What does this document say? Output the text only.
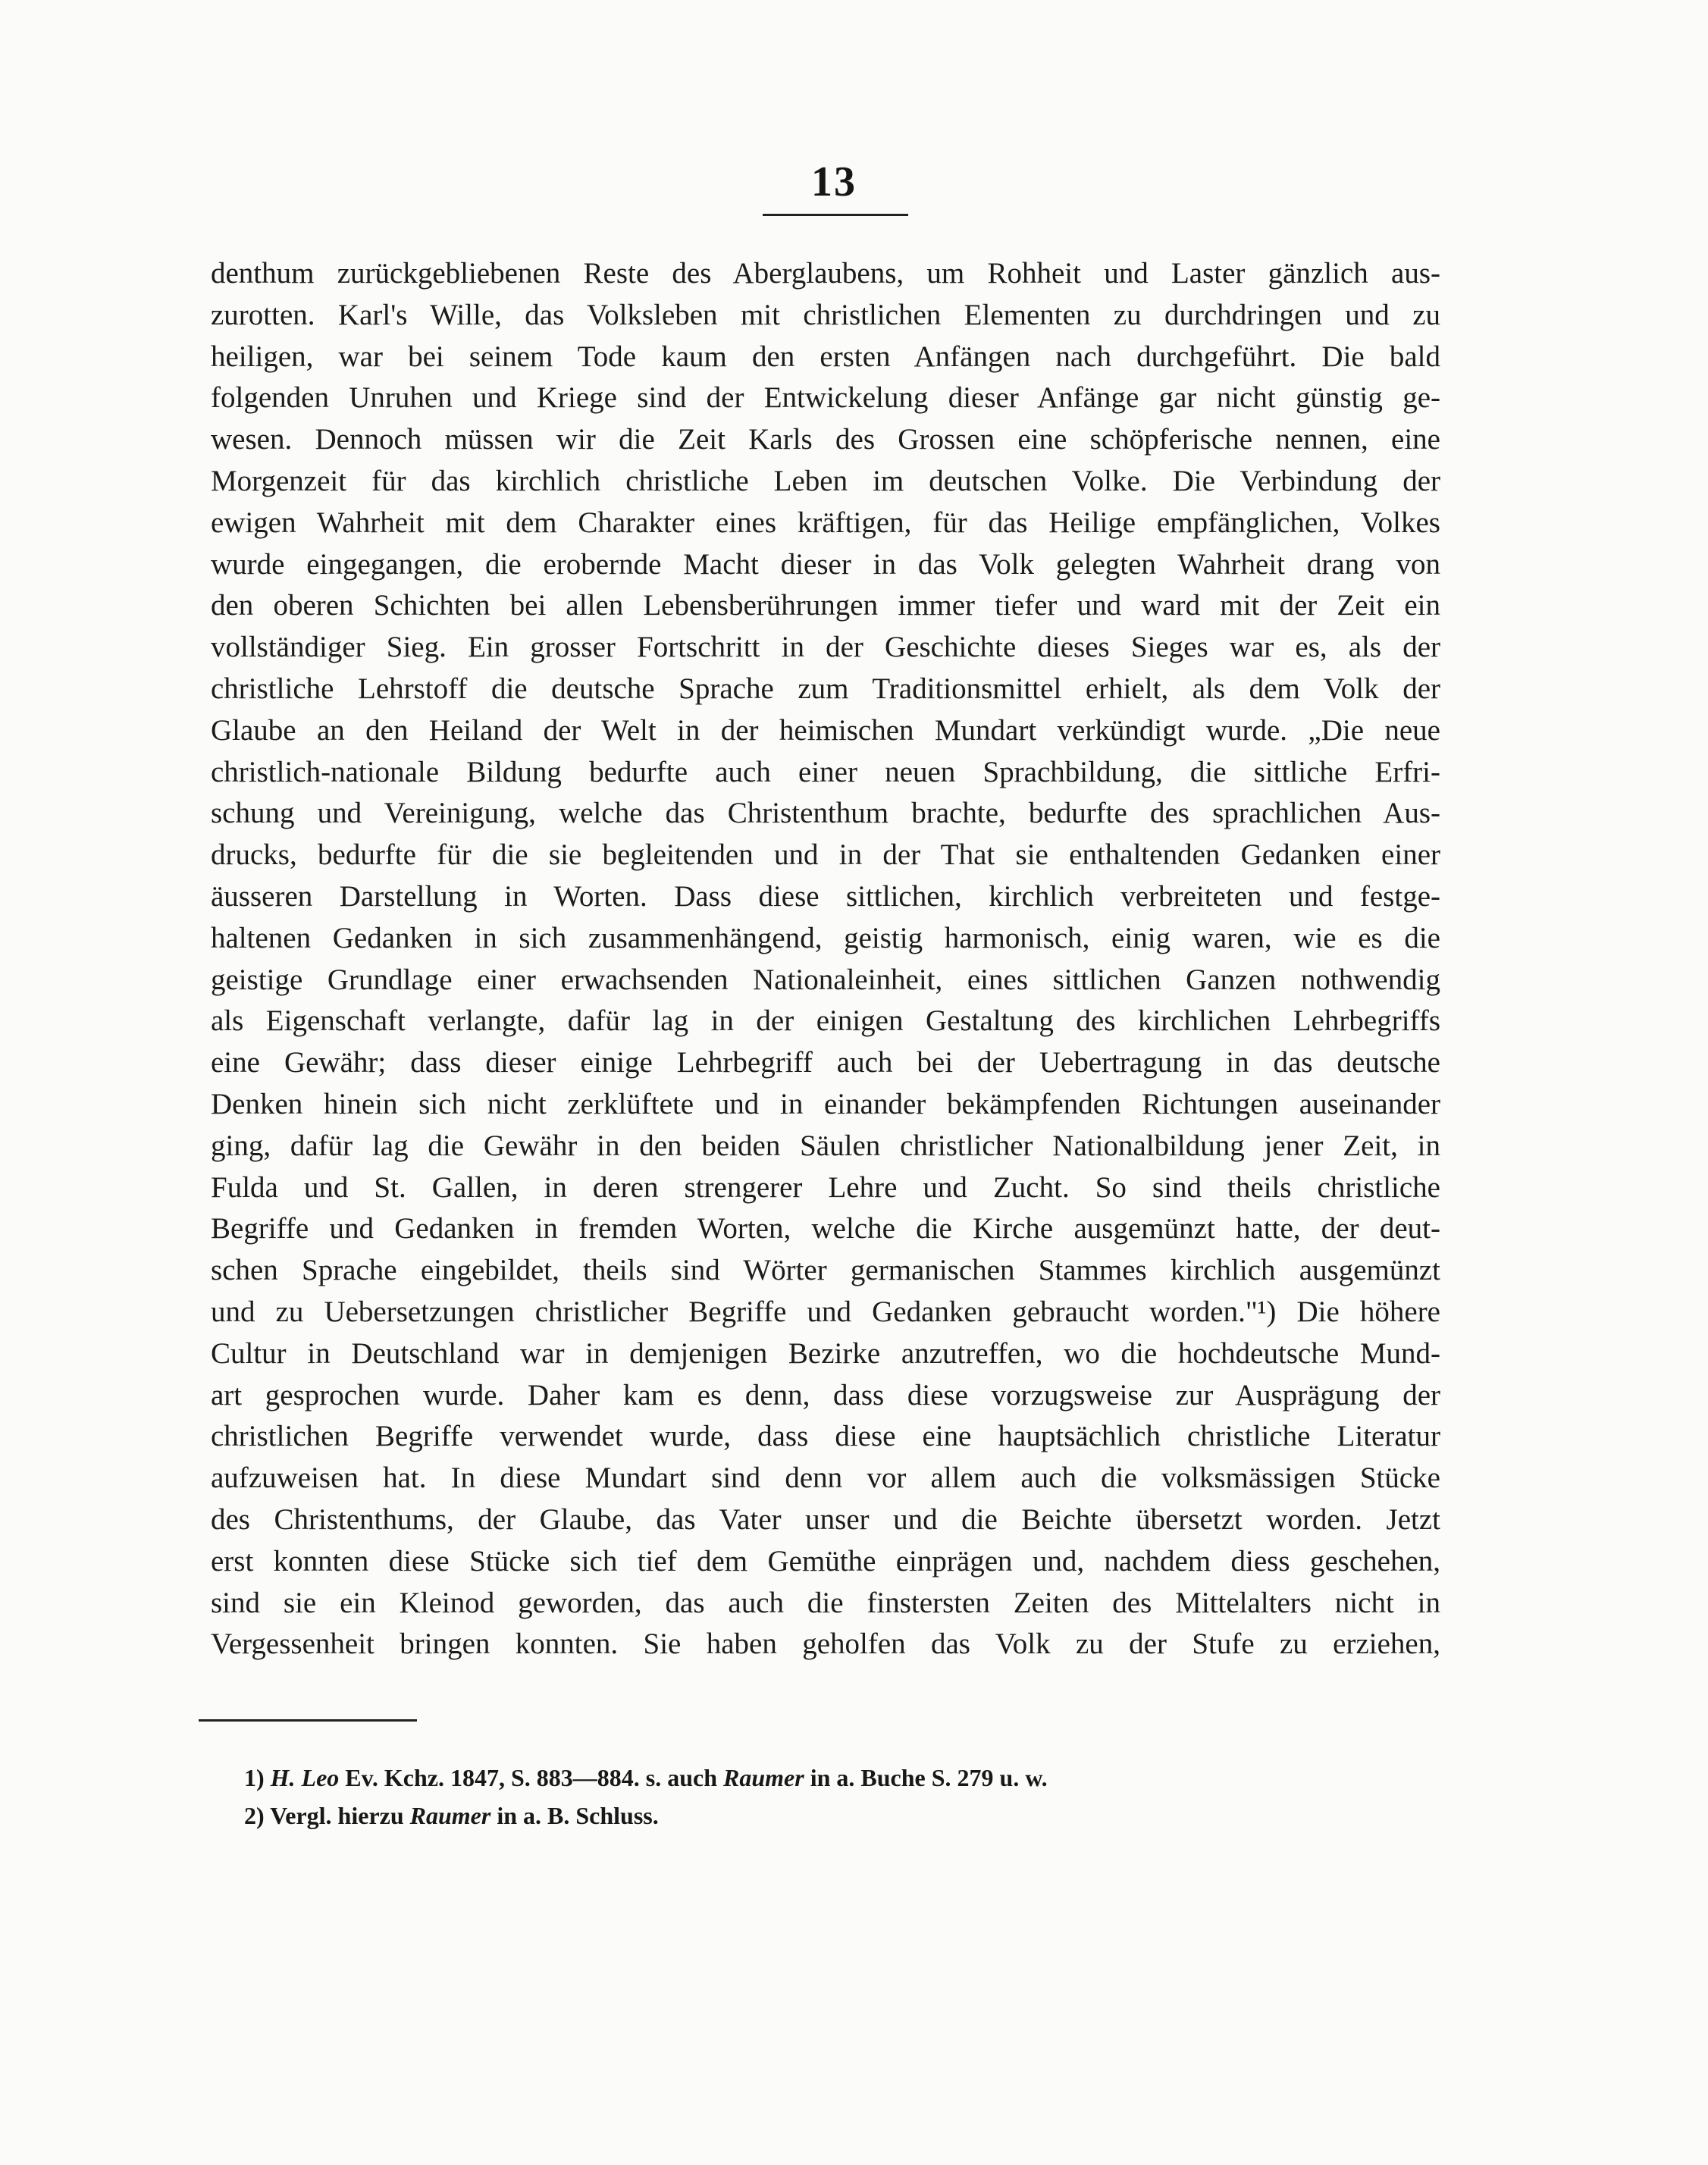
13
denthum zurückgebliebenen Reste des Aberglaubens, um Rohheit und Laster gänzlich aus-
zurotten. Karl's Wille, das Volksleben mit christlichen Elementen zu durchdringen und zu
heiligen, war bei seinem Tode kaum den ersten Anfängen nach durchgeführt. Die bald
folgenden Unruhen und Kriege sind der Entwickelung dieser Anfänge gar nicht günstig ge-
wesen. Dennoch müssen wir die Zeit Karls des Grossen eine schöpferische nennen, eine
Morgenzeit für das kirchlich christliche Leben im deutschen Volke. Die Verbindung der
ewigen Wahrheit mit dem Charakter eines kräftigen, für das Heilige empfänglichen, Volkes
wurde eingegangen, die erobernde Macht dieser in das Volk gelegten Wahrheit drang von
den oberen Schichten bei allen Lebensberührungen immer tiefer und ward mit der Zeit ein
vollständiger Sieg. Ein grosser Fortschritt in der Geschichte dieses Sieges war es, als der
christliche Lehrstoff die deutsche Sprache zum Traditionsmittel erhielt, als dem Volk der
Glaube an den Heiland der Welt in der heimischen Mundart verkündigt wurde. „Die neue
christlich-nationale Bildung bedurfte auch einer neuen Sprachbildung, die sittliche Erfri-
schung und Vereinigung, welche das Christenthum brachte, bedurfte des sprachlichen Aus-
drucks, bedurfte für die sie begleitenden und in der That sie enthaltenden Gedanken einer
äusseren Darstellung in Worten. Dass diese sittlichen, kirchlich verbreiteten und festge-
haltenen Gedanken in sich zusammenhängend, geistig harmonisch, einig waren, wie es die
geistige Grundlage einer erwachsenden Nationaleinheit, eines sittlichen Ganzen nothwendig
als Eigenschaft verlangte, dafür lag in der einigen Gestaltung des kirchlichen Lehrbegriffs
eine Gewähr; dass dieser einige Lehrbegriff auch bei der Uebertragung in das deutsche
Denken hinein sich nicht zerklüftete und in einander bekämpfenden Richtungen auseinander
ging, dafür lag die Gewähr in den beiden Säulen christlicher Nationalbildung jener Zeit, in
Fulda und St. Gallen, in deren strengerer Lehre und Zucht. So sind theils christliche
Begriffe und Gedanken in fremden Worten, welche die Kirche ausgemünzt hatte, der deut-
schen Sprache eingebildet, theils sind Wörter germanischen Stammes kirchlich ausgemünzt
und zu Uebersetzungen christlicher Begriffe und Gedanken gebraucht worden."¹) Die höhere
Cultur in Deutschland war in demjenigen Bezirke anzutreffen, wo die hochdeutsche Mund-
art gesprochen wurde. Daher kam es denn, dass diese vorzugsweise zur Ausprägung der
christlichen Begriffe verwendet wurde, dass diese eine hauptsächlich christliche Literatur
aufzuweisen hat. In diese Mundart sind denn vor allem auch die volksmässigen Stücke
des Christenthums, der Glaube, das Vater unser und die Beichte übersetzt worden. Jetzt
erst konnten diese Stücke sich tief dem Gemüthe einprägen und, nachdem diess geschehen,
sind sie ein Kleinod geworden, das auch die finstersten Zeiten des Mittelalters nicht in
Vergessenheit bringen konnten. Sie haben geholfen das Volk zu der Stufe zu erziehen,
1) H. Leo Ev. Kchz. 1847, S. 883—884. s. auch Raumer in a. Buche S. 279 u. w.
2) Vergl. hierzu Raumer in a. B. Schluss.
